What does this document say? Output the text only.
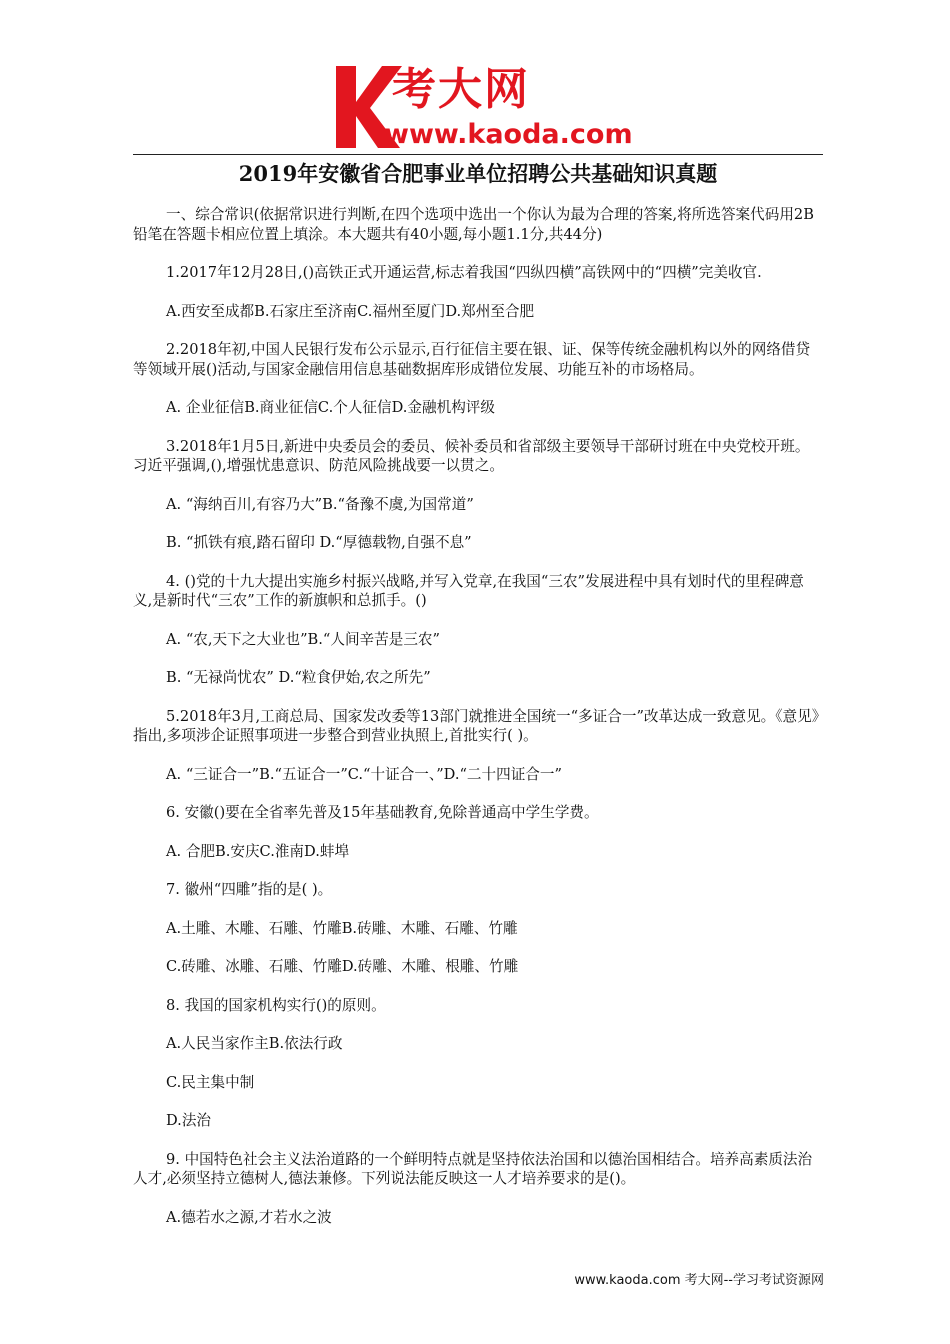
考大网
www.kaoda.com
2019年安徽省合肥事业单位招聘公共基础知识真题

一、综合常识(依据常识进行判断,在四个选项中选出一个你认为最为合理的答案,将所选答案代码用2B铅笔在答题卡相应位置上填涂。本大题共有40小题,每小题1.1分,共44分)

1.2017年12月28日,()高铁正式开通运营,标志着我国“四纵四横”高铁网中的“四横”完美收官.

A.西安至成都B.石家庄至济南C.福州至厦门D.郑州至合肥

2.2018年初,中国人民银行发布公示显示,百行征信主要在银、证、保等传统金融机构以外的网络借贷等领域开展()活动,与国家金融信用信息基础数据库形成错位发展、功能互补的市场格局。

A. 企业征信B.商业征信C.个人征信D.金融机构评级

3.2018年1月5日,新进中央委员会的委员、候补委员和省部级主要领导干部研讨班在中央党校开班。习近平强调,(),增强忧患意识、防范风险挑战要一以贯之。

A. “海纳百川,有容乃大”B.“备豫不虞,为国常道”

B. “抓铁有痕,踏石留印 D.“厚德载物,自强不息”

4. ()党的十九大提出实施乡村振兴战略,并写入党章,在我国“三农”发展进程中具有划时代的里程碑意义,是新时代“三农”工作的新旗帜和总抓手。()

A. “农,天下之大业也”B.“人间辛苦是三农”

B. “无禄尚忧农” D.“粒食伊始,农之所先”

5.2018年3月,工商总局、国家发改委等13部门就推进全国统一“多证合一”改革达成一致意见。《意见》指出,多项涉企证照事项进一步整合到营业执照上,首批实行( )。

A. “三证合一”B.“五证合一”C.“十证合一、”D.“二十四证合一”

6. 安徽()要在全省率先普及15年基础教育,免除普通高中学生学费。

A. 合肥B.安庆C.淮南D.蚌埠

7. 徽州“四雕”指的是( )。

A.土雕、木雕、石雕、竹雕B.砖雕、木雕、石雕、竹雕

C.砖雕、冰雕、石雕、竹雕D.砖雕、木雕、根雕、竹雕

8. 我国的国家机构实行()的原则。

A.人民当家作主B.依法行政

C.民主集中制

D.法治

9. 中国特色社会主义法治道路的一个鲜明特点就是坚持依法治国和以德治国相结合。培养高素质法治人才,必须坚持立德树人,德法兼修。下列说法能反映这一人才培养要求的是()。

A.德若水之源,才若水之波

www.kaoda.com 考大网--学习考试资源网
